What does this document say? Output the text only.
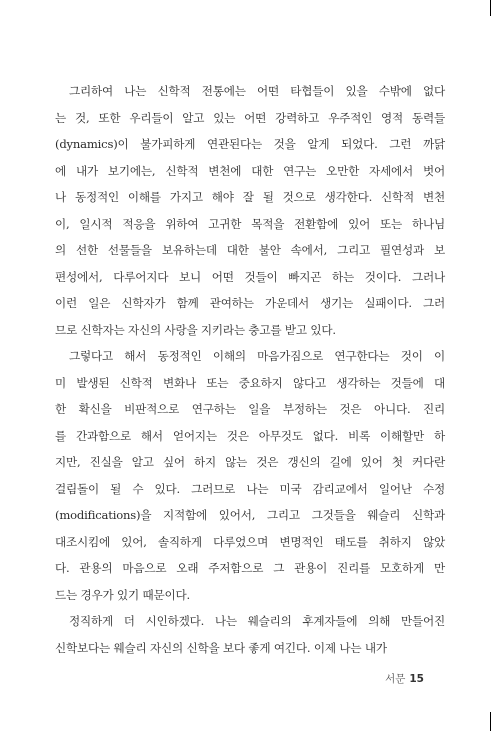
그리하여 나는 신학적 전통에는 어떤 타협들이 있을 수밖에 없다
는 것, 또한 우리들이 알고 있는 어떤 강력하고 우주적인 영적 동력들
(dynamics)이 불가피하게 연관된다는 것을 알게 되었다. 그런 까닭
에 내가 보기에는, 신학적 변천에 대한 연구는 오만한 자세에서 벗어
나 동정적인 이해를 가지고 해야 잘 될 것으로 생각한다. 신학적 변천
이, 일시적 적응을 위하여 고귀한 목적을 전환함에 있어 또는 하나님
의 선한 선물들을 보유하는데 대한 불안 속에서, 그리고 필연성과 보
편성에서, 다루어지다 보니 어떤 것들이 빠지곤 하는 것이다. 그러나
이런 일은 신학자가 함께 관여하는 가운데서 생기는 실패이다. 그러
므로 신학자는 자신의 사랑을 지키라는 충고를 받고 있다.

그렇다고 해서 동정적인 이해의 마음가짐으로 연구한다는 것이 이
미 발생된 신학적 변화나 또는 중요하지 않다고 생각하는 것들에 대
한 확신을 비판적으로 연구하는 일을 부정하는 것은 아니다. 진리
를 간과함으로 해서 얻어지는 것은 아무것도 없다. 비록 이해할만 하
지만, 진실을 알고 싶어 하지 않는 것은 갱신의 길에 있어 첫 커다란
걸림돌이 될 수 있다. 그러므로 나는 미국 감리교에서 일어난 수정
(modifications)을 지적함에 있어서, 그리고 그것들을 웨슬리 신학과
대조시킴에 있어, 솔직하게 다루었으며 변명적인 태도를 취하지 않았
다. 관용의 마음으로 오래 주저함으로 그 관용이 진리를 모호하게 만
드는 경우가 있기 때문이다.

정직하게 더 시인하겠다. 나는 웨슬리의 후계자들에 의해 만들어진
신학보다는 웨슬리 자신의 신학을 보다 좋게 여긴다. 이제 나는 내가

서문 15
